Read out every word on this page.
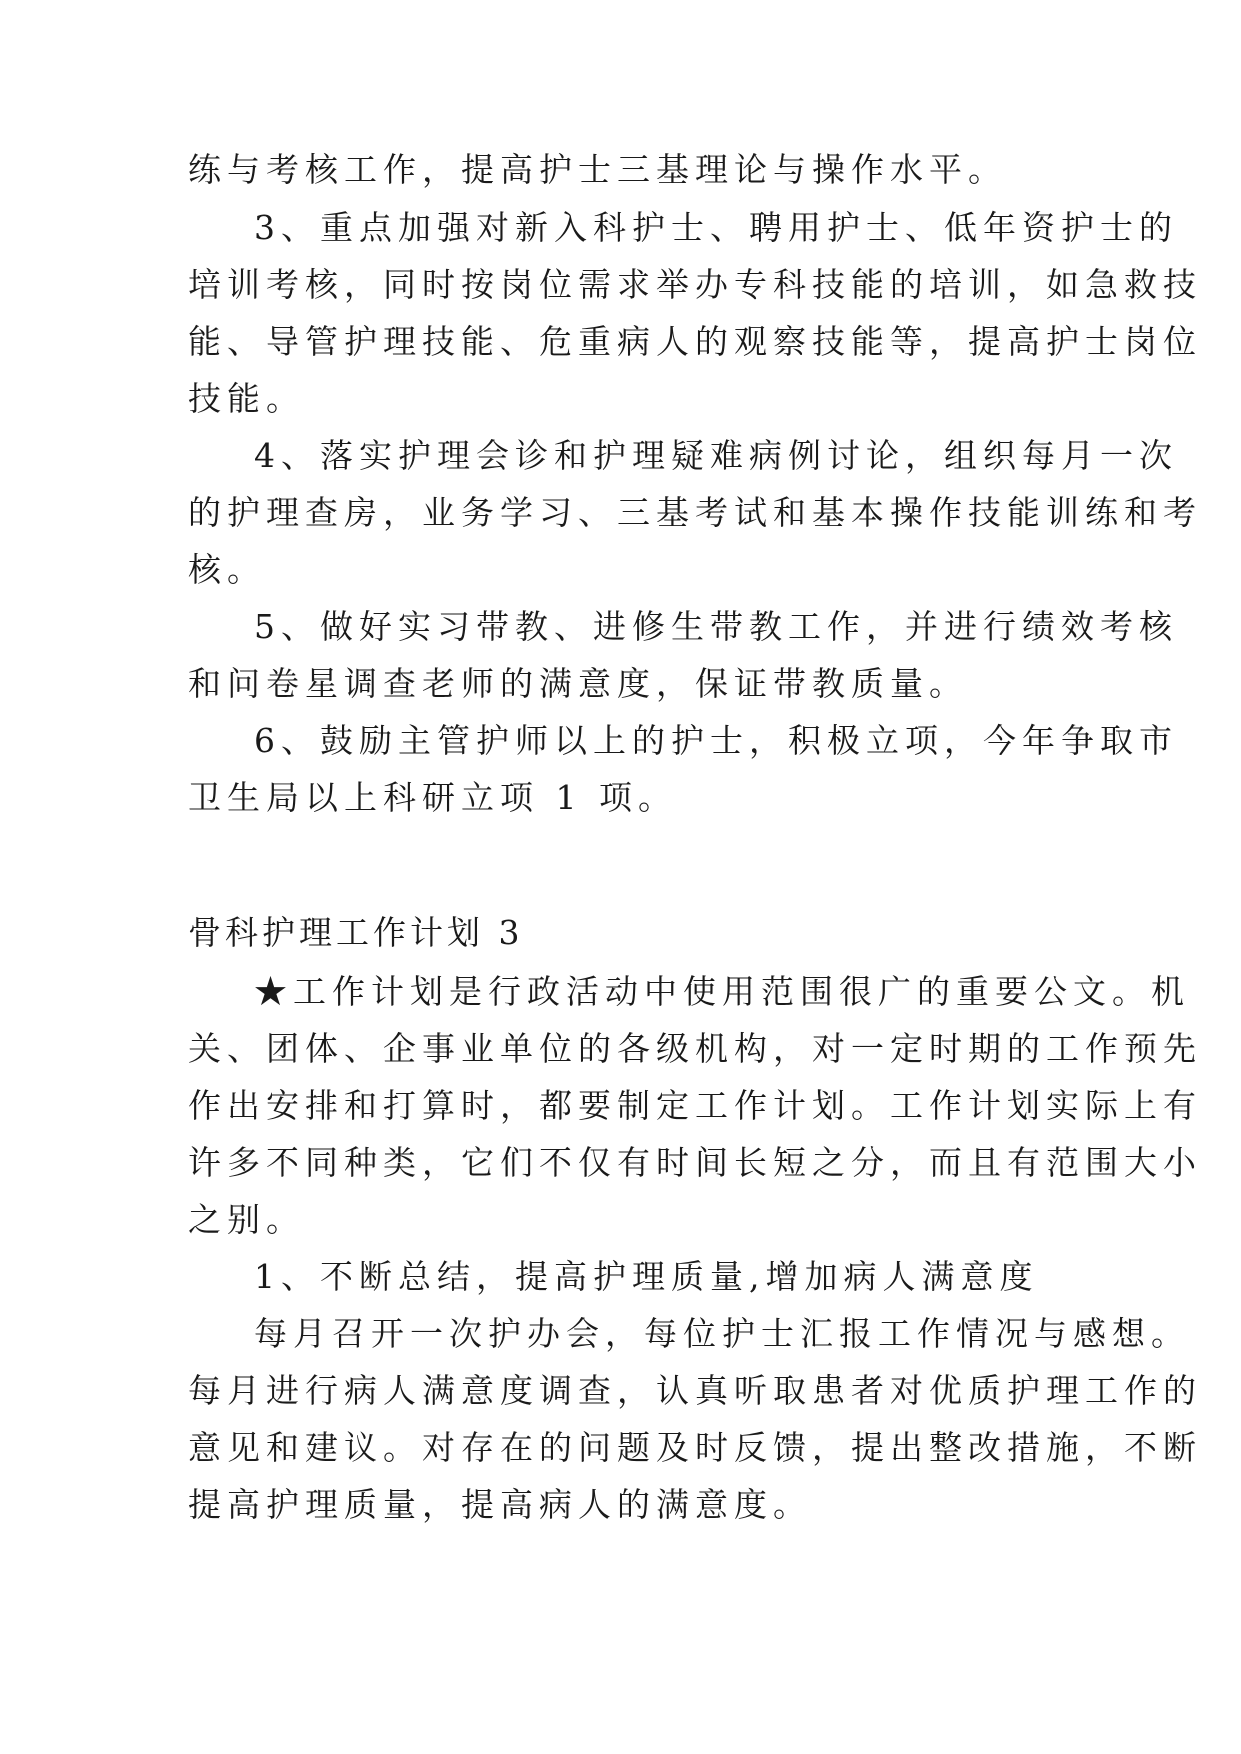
练与考核工作，提高护士三基理论与操作水平。

3、重点加强对新入科护士、聘用护士、低年资护士的

培训考核，同时按岗位需求举办专科技能的培训，如急救技

能、导管护理技能、危重病人的观察技能等，提高护士岗位

技能。

4、落实护理会诊和护理疑难病例讨论，组织每月一次

的护理查房，业务学习、三基考试和基本操作技能训练和考

核。

5、做好实习带教、进修生带教工作，并进行绩效考核

和问卷星调查老师的满意度，保证带教质量。

6、鼓励主管护师以上的护士，积极立项，今年争取市

卫生局以上科研立项 1 项。

骨科护理工作计划 3

★工作计划是行政活动中使用范围很广的重要公文。机

关、团体、企事业单位的各级机构，对一定时期的工作预先

作出安排和打算时，都要制定工作计划。工作计划实际上有

许多不同种类，它们不仅有时间长短之分，而且有范围大小

之别。

1、不断总结，提高护理质量,增加病人满意度

每月召开一次护办会，每位护士汇报工作情况与感想。

每月进行病人满意度调查，认真听取患者对优质护理工作的

意见和建议。对存在的问题及时反馈，提出整改措施，不断

提高护理质量，提高病人的满意度。
